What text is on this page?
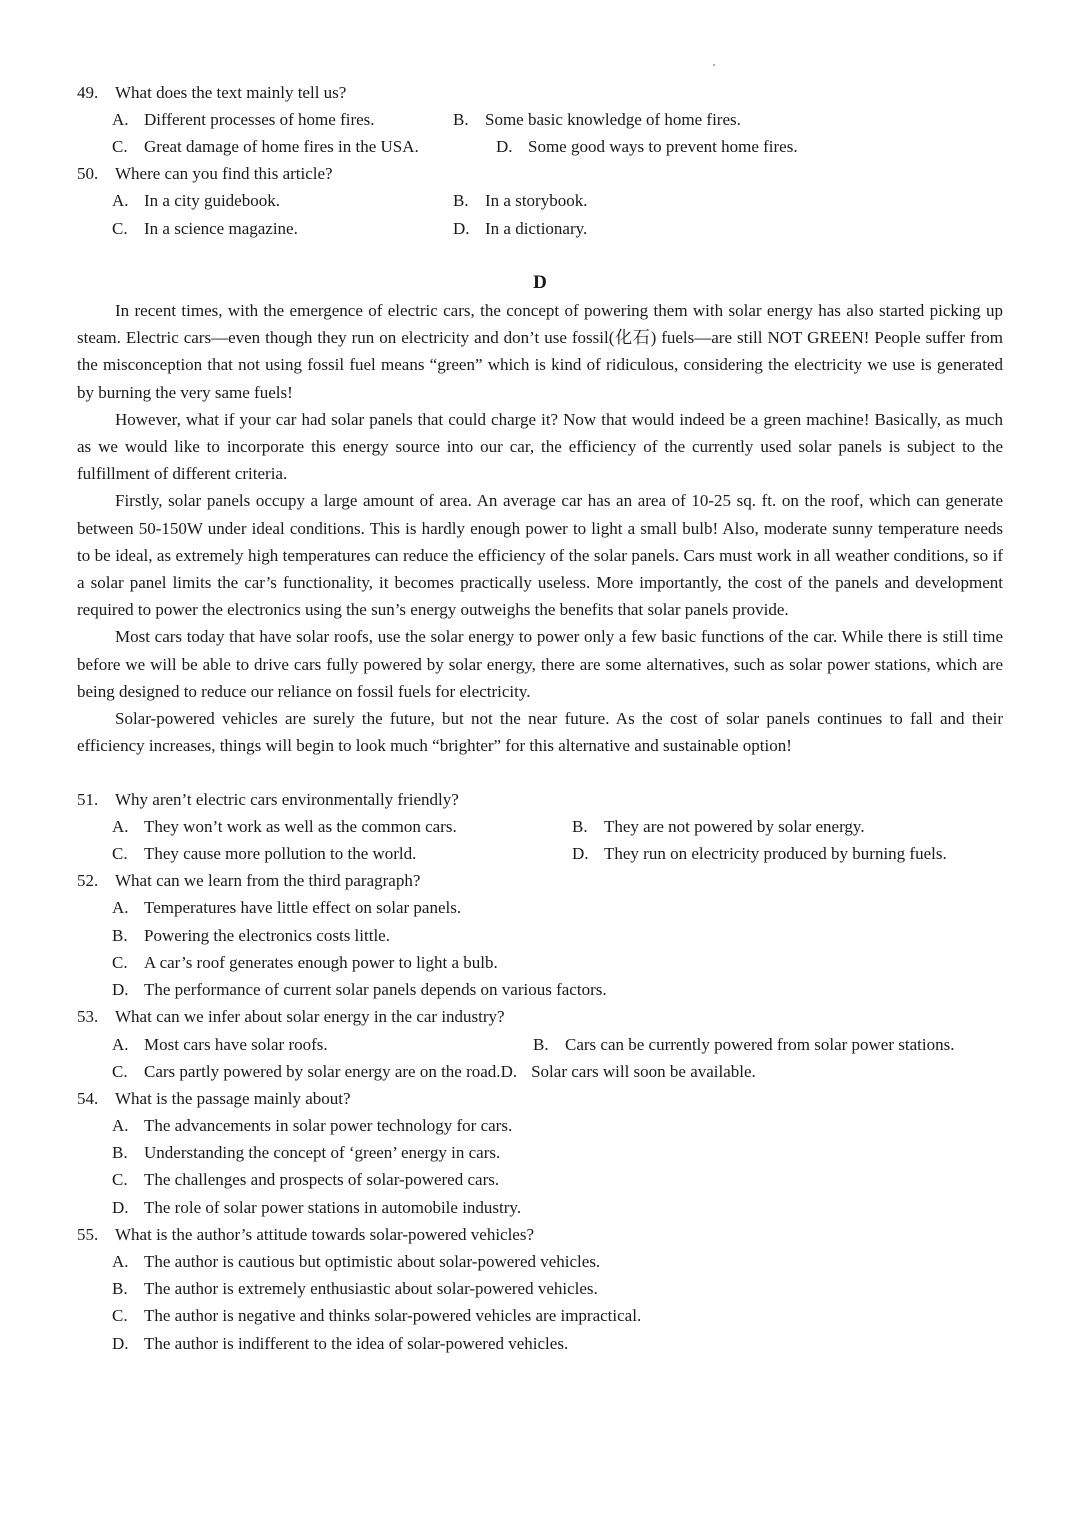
49. What does the text mainly tell us?
A. Different processes of home fires.	B. Some basic knowledge of home fires.
C. Great damage of home fires in the USA.	D. Some good ways to prevent home fires.
50. Where can you find this article?
A. In a city guidebook.	B. In a storybook.
C. In a science magazine.	D. In a dictionary.
D

In recent times, with the emergence of electric cars, the concept of powering them with solar energy has also started picking up steam. Electric cars—even though they run on electricity and don’t use fossil(化石) fuels—are still NOT GREEN! People suffer from the misconception that not using fossil fuel means “green” which is kind of ridiculous, considering the electricity we use is generated by burning the very same fuels!

However, what if your car had solar panels that could charge it? Now that would indeed be a green machine! Basically, as much as we would like to incorporate this energy source into our car, the efficiency of the currently used solar panels is subject to the fulfillment of different criteria.

Firstly, solar panels occupy a large amount of area. An average car has an area of 10-25 sq. ft. on the roof, which can generate between 50-150W under ideal conditions. This is hardly enough power to light a small bulb! Also, moderate sunny temperature needs to be ideal, as extremely high temperatures can reduce the efficiency of the solar panels. Cars must work in all weather conditions, so if a solar panel limits the car’s functionality, it becomes practically useless. More importantly, the cost of the panels and development required to power the electronics using the sun’s energy outweighs the benefits that solar panels provide.

Most cars today that have solar roofs, use the solar energy to power only a few basic functions of the car. While there is still time before we will be able to drive cars fully powered by solar energy, there are some alternatives, such as solar power stations, which are being designed to reduce our reliance on fossil fuels for electricity.

Solar-powered vehicles are surely the future, but not the near future. As the cost of solar panels continues to fall and their efficiency increases, things will begin to look much “brighter” for this alternative and sustainable option!

51. Why aren’t electric cars environmentally friendly?
A. They won’t work as well as the common cars.	B. They are not powered by solar energy.
C. They cause more pollution to the world.	D. They run on electricity produced by burning fuels.
52. What can we learn from the third paragraph?
A. Temperatures have little effect on solar panels.
B. Powering the electronics costs little.
C. A car’s roof generates enough power to light a bulb.
D. The performance of current solar panels depends on various factors.
53. What can we infer about solar energy in the car industry?
A. Most cars have solar roofs.	B. Cars can be currently powered from solar power stations.
C. Cars partly powered by solar energy are on the road.D. Solar cars will soon be available.
54. What is the passage mainly about?
A. The advancements in solar power technology for cars.
B. Understanding the concept of ‘green’ energy in cars.
C. The challenges and prospects of solar-powered cars.
D. The role of solar power stations in automobile industry.
55. What is the author’s attitude towards solar-powered vehicles?
A. The author is cautious but optimistic about solar-powered vehicles.
B. The author is extremely enthusiastic about solar-powered vehicles.
C. The author is negative and thinks solar-powered vehicles are impractical.
D. The author is indifferent to the idea of solar-powered vehicles.
